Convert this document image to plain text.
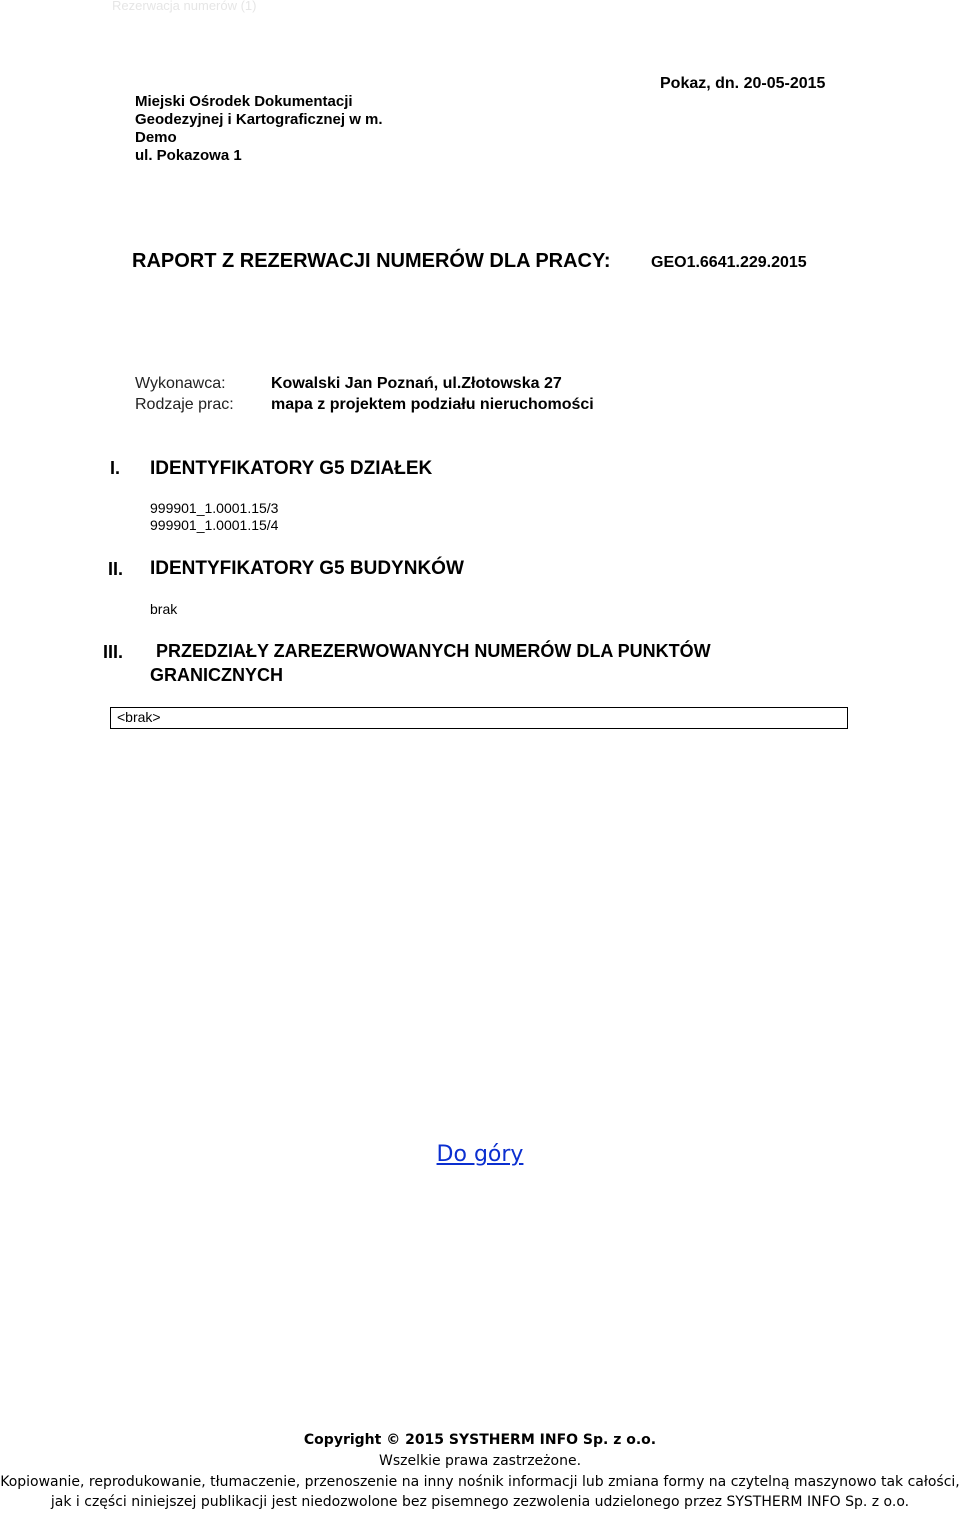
Rezerwacja numerów (1)
Miejski Ośrodek Dokumentacji
Geodezyjnej i Kartograficznej w m.
Demo
ul. Pokazowa 1
Pokaz, dn. 20-05-2015
RAPORT Z REZERWACJI NUMERÓW DLA PRACY:	GEO1.6641.229.2015
Wykonawca:	Kowalski Jan Poznań, ul.Złotowska 27
Rodzaje prac: mapa z projektem podziału nieruchomości
I. IDENTYFIKATORY G5 DZIAŁEK
999901_1.0001.15/3
999901_1.0001.15/4
II. IDENTYFIKATORY G5 BUDYNKÓW
brak
III. PRZEDZIAŁY ZAREZERWOWANYCH NUMERÓW DLA PUNKTÓW
GRANICZNYCH
<brak>
Do góry
Copyright © 2015 SYSTHERM INFO Sp. z o.o.
Wszelkie prawa zastrzeżone.
Kopiowanie, reprodukowanie, tłumaczenie, przenoszenie na inny nośnik informacji lub zmiana formy na czytelną maszynowo tak całości,
jak i części niniejszej publikacji jest niedozwolone bez pisemnego zezwolenia udzielonego przez SYSTHERM INFO Sp. z o.o.
